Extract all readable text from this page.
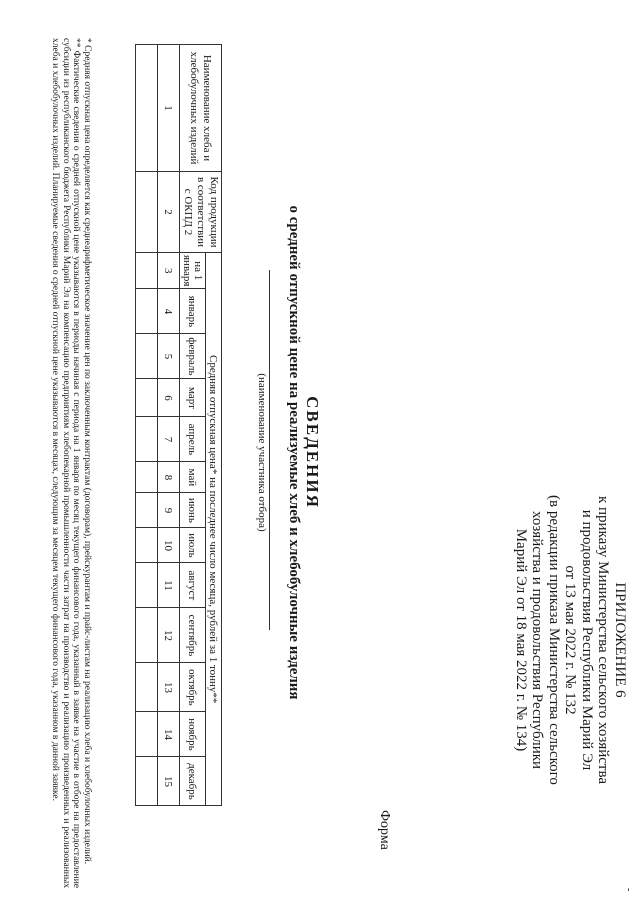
ПРИЛОЖЕНИЕ 6
к приказу Министерства сельского хозяйства
и продовольствия Республики Марий Эл
от 13 мая 2022 г. № 132
(в редакции приказа Министерства сельского
хозяйства и продовольствия Республики
Марий Эл от 18 мая 2022 г. № 134)
Форма
СВЕДЕНИЯ
о средней отпускной цене на реализуемые хлеб и хлебобулочные изделия
(наименование участника отбора)
Наименование хлеба и хлебобулочных изделий	Код продукции в соответствии с ОКПД 2	Средняя отпускная цена* на последнее число месяца, рублей за 1 тонну**												
		на 1 января	январь	февраль	март	апрель	май	июнь	июль	август	сентябрь	октябрь	ноябрь	декабрь
1	2	3	4	5	6	7	8	9	10	11	12	13	14	15

* Средняя отпускная цена определяется как среднеарифметическое значение цен по заключенным контрактам (договорам), прейскурантам и прайс-листам на реализацию хлеба и хлебобулочных изделий.

** Фактические сведения о средней отпускной цене указываются в периоды начиная с периода на 1 января по месяц текущего финансового года, указанный в заявке на участие в отборе на предоставление субсидии из республиканского бюджета Республики Марий Эл на компенсацию предприятиям хлебопекарной промышленности части затрат на производство и реализацию произведенных и реализованных хлеба и хлебобулочных изделий. Планируемые сведения о средней отпускной цене указываются в месяцах, следующим за месяцем текущего финансового года, указанном в данной заявке.

-
